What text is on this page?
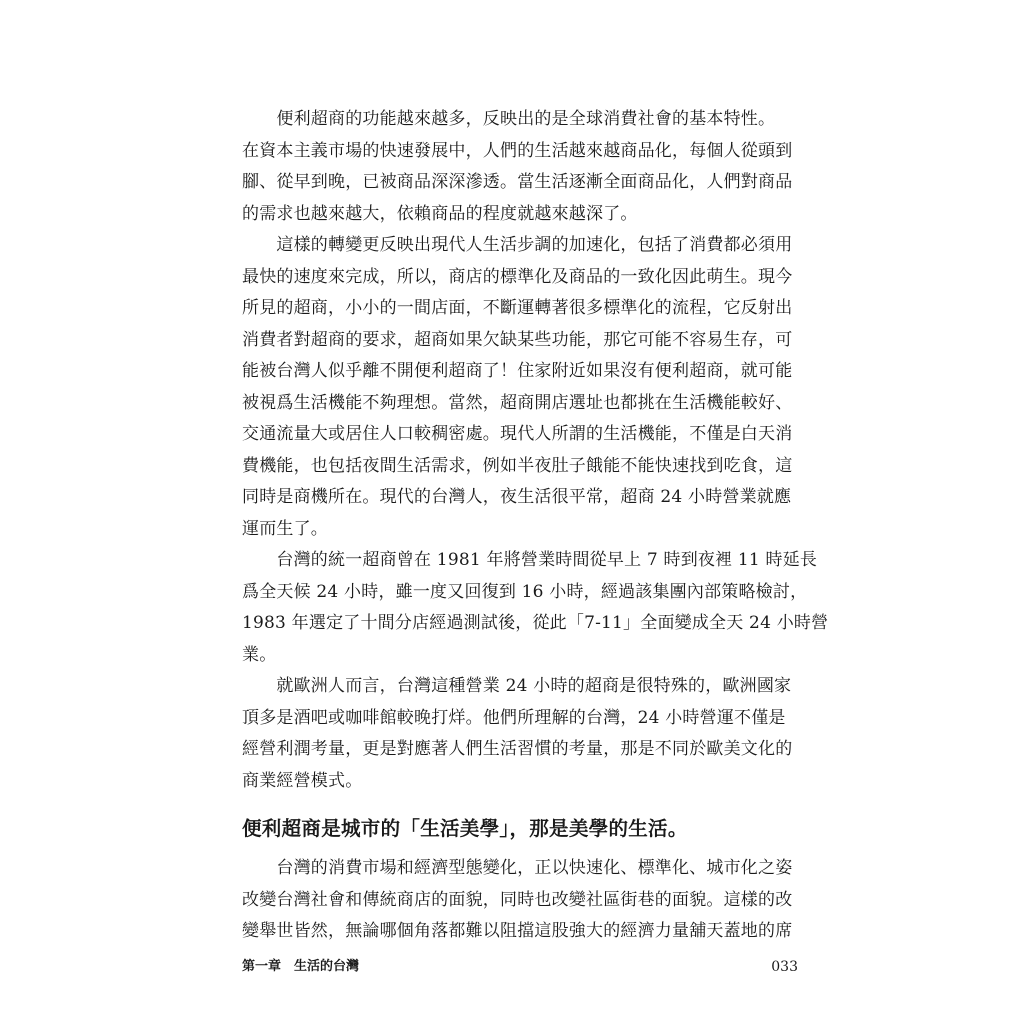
　　便利超商的功能越來越多，反映出的是全球消費社會的基本特性。
在資本主義市場的快速發展中，人們的生活越來越商品化，每個人從頭到
腳、從早到晚，已被商品深深滲透。當生活逐漸全面商品化，人們對商品
的需求也越來越大，依賴商品的程度就越來越深了。
　　這樣的轉變更反映出現代人生活步調的加速化，包括了消費都必須用
最快的速度來完成，所以，商店的標準化及商品的一致化因此萌生。現今
所見的超商，小小的一間店面，不斷運轉著很多標準化的流程，它反射出
消費者對超商的要求，超商如果欠缺某些功能，那它可能不容易生存，可
能被台灣人似乎離不開便利超商了！住家附近如果沒有便利超商，就可能
被視爲生活機能不夠理想。當然，超商開店選址也都挑在生活機能較好、
交通流量大或居住人口較稠密處。現代人所謂的生活機能，不僅是白天消
費機能，也包括夜間生活需求，例如半夜肚子餓能不能快速找到吃食，這
同時是商機所在。現代的台灣人，夜生活很平常，超商 24 小時營業就應
運而生了。
　　台灣的統一超商曾在 1981 年將營業時間從早上 7 時到夜裡 11 時延長
爲全天候 24 小時，雖一度又回復到 16 小時，經過該集團內部策略檢討，
1983 年選定了十間分店經過測試後，從此「7-11」全面變成全天 24 小時營
業。
　　就歐洲人而言，台灣這種營業 24 小時的超商是很特殊的，歐洲國家
頂多是酒吧或咖啡館較晚打烊。他們所理解的台灣，24 小時營運不僅是
經營利潤考量，更是對應著人們生活習慣的考量，那是不同於歐美文化的
商業經營模式。
便利超商是城市的「生活美學」，那是美學的生活。
　　台灣的消費市場和經濟型態變化，正以快速化、標準化、城市化之姿
改變台灣社會和傳統商店的面貌，同時也改變社區街巷的面貌。這樣的改
變舉世皆然，無論哪個角落都難以阻擋這股強大的經濟力量舖天蓋地的席
第一章　生活的台灣	033
